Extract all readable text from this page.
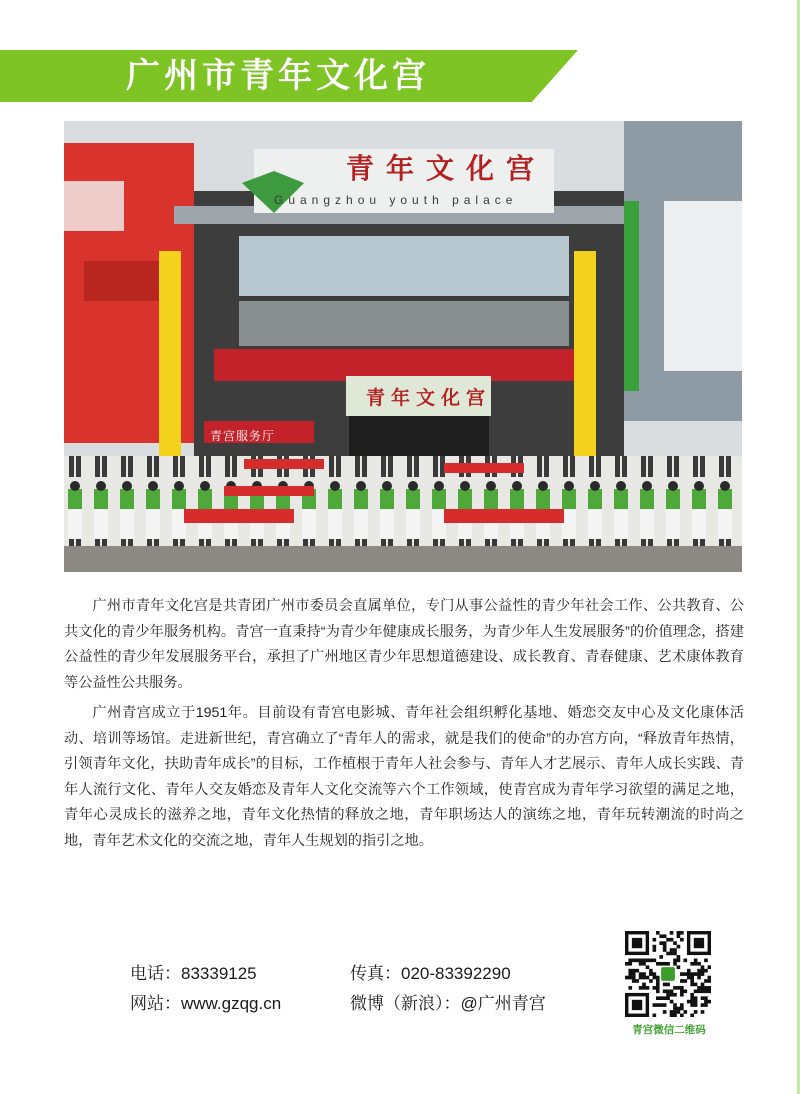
广州市青年文化宫
青年文化宫
Guangzhou youth palace
青年文化宫
青宫服务厅

广州市青年文化宫是共青团广州市委员会直属单位，专门从事公益性的青少年社会工作、公共教育、公共文化的青少年服务机构。青宫一直秉持“为青少年健康成长服务，为青少年人生发展服务”的价值理念，搭建公益性的青少年发展服务平台，承担了广州地区青少年思想道德建设、成长教育、青春健康、艺术康体教育等公益性公共服务。

广州青宫成立于1951年。目前设有青宫电影城、青年社会组织孵化基地、婚恋交友中心及文化康体活动、培训等场馆。走进新世纪，青宫确立了“青年人的需求，就是我们的使命”的办宫方向，“释放青年热情，引领青年文化，扶助青年成长”的目标，工作植根于青年人社会参与、青年人才艺展示、青年人成长实践、青年人流行文化、青年人交友婚恋及青年人文化交流等六个工作领域，使青宫成为青年学习欲望的满足之地，青年心灵成长的滋养之地，青年文化热情的释放之地，青年职场达人的演练之地，青年玩转潮流的时尚之地，青年艺术文化的交流之地，青年人生规划的指引之地。

电话：83339125	传真：020-83392290
网站：www.gzqg.cn	微博（新浪）：@广州青宫
青宫微信二维码
